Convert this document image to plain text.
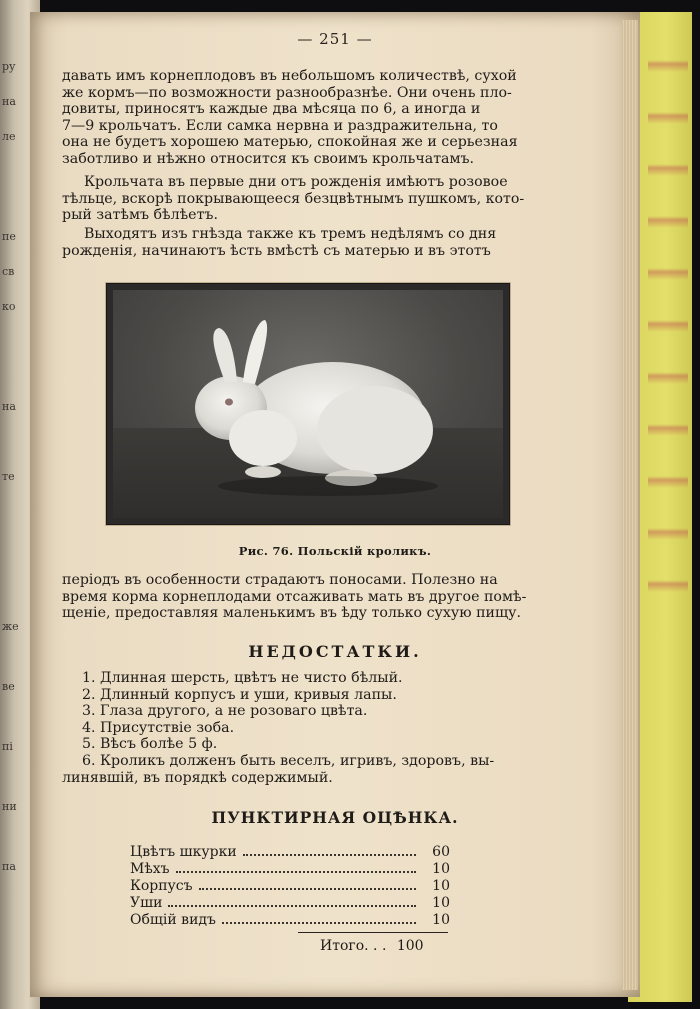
ру
на
ле
пе
св
ко
на
те
же
ве
пі
ни
па
— 251 —
давать имъ корнеплодовъ въ небольшомъ количествѣ, сухой
же кормъ—по возможности разнообразнѣе. Они очень пло-
довиты, приносятъ каждые два мѣсяца по 6, а иногда и
7—9 крольчатъ. Если самка нервна и раздражительна, то
она не будетъ хорошею матерью, спокойная же и серьезная
заботливо и нѣжно относится къ своимъ крольчатамъ.
Крольчата въ первые дни отъ рожденія имѣютъ розовое
тѣльце, вскорѣ покрывающееся безцвѣтнымъ пушкомъ, кото-
рый затѣмъ бѣлѣетъ.
Выходятъ изъ гнѣзда также къ тремъ недѣлямъ со дня
рожденія, начинаютъ ѣсть вмѣстѣ съ матерью и въ этотъ
Рис. 76. Польскій кроликъ.
періодъ въ особенности страдаютъ поносами. Полезно на
время корма корнеплодами отсаживать мать въ другое помѣ-
щеніе, предоставляя маленькимъ въ ѣду только сухую пищу.
НЕДОСТАТКИ.
1. Длинная шерсть, цвѣтъ не чисто бѣлый.
2. Длинный корпусъ и уши, кривыя лапы.
3. Глаза другого, а не розоваго цвѣта.
4. Присутствіе зоба.
5. Вѣсъ болѣе 5 ф.
6. Кроликъ долженъ быть веселъ, игривъ, здоровъ, вы-
линявшій, въ порядкѣ содержимый.
ПУНКТИРНАЯ ОЦѢНКА.
Цвѣтъ шкурки	60
Мѣхъ	10
Корпусъ	10
Уши	10
Общій видъ	10
Итого. . . 100
